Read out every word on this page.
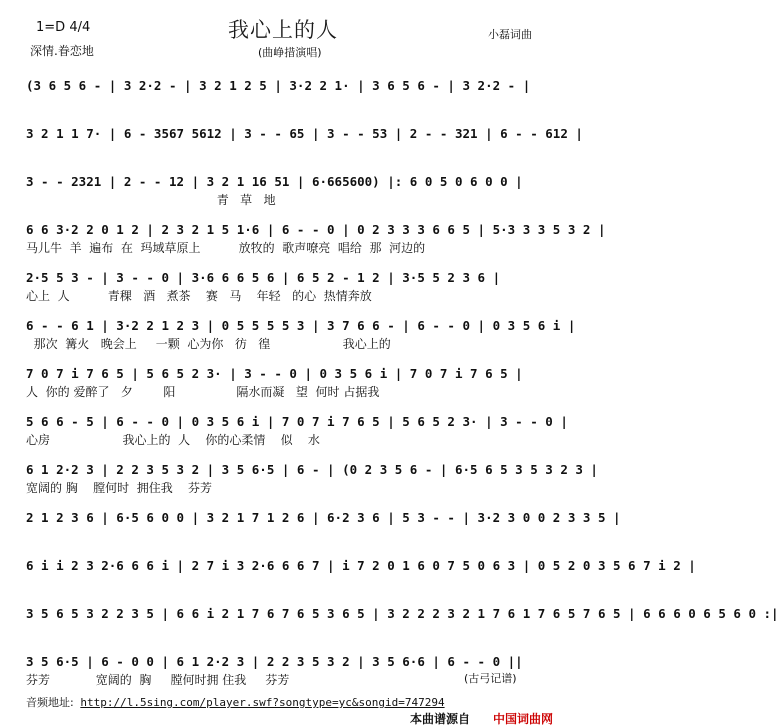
1=D 4/4
深情.眷恋地
我心上的人
(曲峥措演唱)
小磊词曲
(3 6 5 6 - | 3 2·2 - | 3 2 1 2 5 | 3·2 2 1· | 3 6 5 6 - | 3 2·2 - |
3 2 1 1 7· | 6 - 3567 5612 | 3 - - 65 | 3 - - 53 | 2 - - 321 | 6 - - 612 |
3 - - 2321 | 2 - - 12 | 3 2 1 16 51 | 6·665600) |: 6 0 5 0 6 0 0 |
青   草   地
6 6 3·2 2 0 1 2 | 2 3 2 1 5 1·6 | 6 - - 0 | 0 2 3 3 3 6 6 5 | 5·3 3 3 5 3 2 |
马儿牛  羊  遍布  在  玛域草原上          放牧的  歌声嘹亮  唱给  那  河边的
2·5 5 3 - | 3 - - 0 | 3·6 6 6 5 6 | 6 5 2 - 1 2 | 3·5 5 2 3 6 |
心上  人          青稞   酒   煮茶    赛   马    年轻   的心  热情奔放
6 - - 6 1 | 3·2 2 1 2 3 | 0 5 5 5 5 3 | 3 7 6 6 - | 6 - - 0 | 0 3 5 6 i |
那次  篝火   晚会上     一颗  心为你   彷   徨                   我心上的
7 0 7 i 7 6 5 | 5 6 5 2 3· | 3 - - 0 | 0 3 5 6 i | 7 0 7 i 7 6 5 |
人  你的 爱醉了   夕        阳                隔水而凝   望  何时 占据我
5 6 6 - 5 | 6 - - 0 | 0 3 5 6 i | 7 0 7 i 7 6 5 | 5 6 5 2 3· | 3 - - 0 |
心房                   我心上的  人    你的心柔情    似    水
6 1 2·2 3 | 2 2 3 5 3 2 | 3 5 6·5 | 6 - | (0 2 3 5 6 - | 6·5 6 5 3 5 3 2 3 |
宽阔的 胸    膛何时  拥住我    芬芳
2 1 2 3 6 | 6·5 6 0 0 | 3 2 1 7 1 2 6 | 6·2 3 6 | 5 3 - - | 3·2 3 0 0 2 3 3 5 |
6 i i 2 3 2·6 6 6 i | 2 7 i 3 2·6 6 6 7 | i 7 2 0 1 6 0 7 5 0 6 3 | 0 5 2 0 3 5 6 7 i 2 |
3 5 6 5 3 2 2 3 5 | 6 6 i 2 1 7 6 7 6 5 3 6 5 | 3 2 2 2 3 2 1 7 6 1 7 6 5 7 6 5 | 6 6 6 0 6 5 6 0 :|
3 5 6·5 | 6 - 0 0 | 6 1 2·2 3 | 2 2 3 5 3 2 | 3 5 6·6 | 6 - - 0 ||
芬芳            宽阔的  胸     膛何时拥 住我     芬芳	(古弓记谱)
音频地址: http://l.5sing.com/player.swf?songtype=yc&songid=747294
本曲谱源自 中国词曲网
